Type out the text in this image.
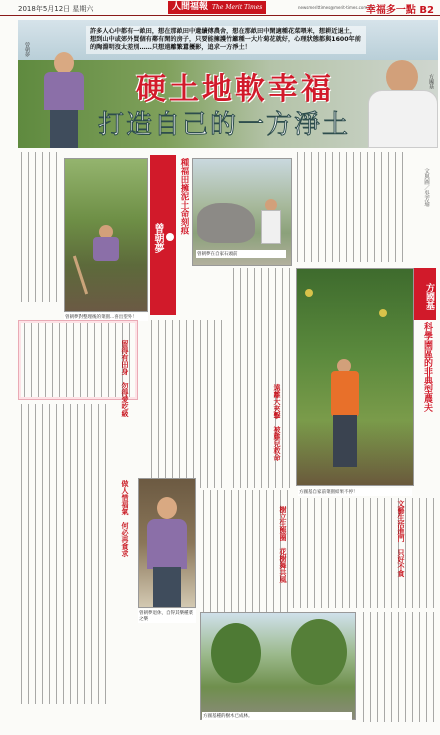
2018年5月12日 星期六	人間福報 The Merit Times	newsmerittimes@merit-times.com.tw
幸福多一點 B2
許多人心中都有一畝田，想在那畝田中遺續傳農舍，想在那畝田中閑適種花菜喂米，想耕近退土，想到山中或郊外買個有鄰有閑的房子，只要能擁護竹籬種一大片菊花就好，心理狀態都與1600年前的陶淵明沒太差別……只想遠離繁囂擾影，追求一方淨土！
硬土地軟幸福
打造自己的一方淨土
曾朝夢
方國基

曾朝夢
種福田擁泥土命刻痕
曾朝夢在自家石頭前
曾朝夢對整理後的菜園...喜出望外！
留得有田身　勿得愛吃級
做人惜福氣　何必再貪求
曾朝夢退休，自得其樂種菜之樂
文與圖／吳芳瑜
遠離大夾擊　被雞兒救命
方國基自家前菜園結果不停！
方國基
科學園區的非典型農夫
樹立生態圈　花樹舞共風	文藝生活進門　只好不貪
方國基種的樹木已成林。
